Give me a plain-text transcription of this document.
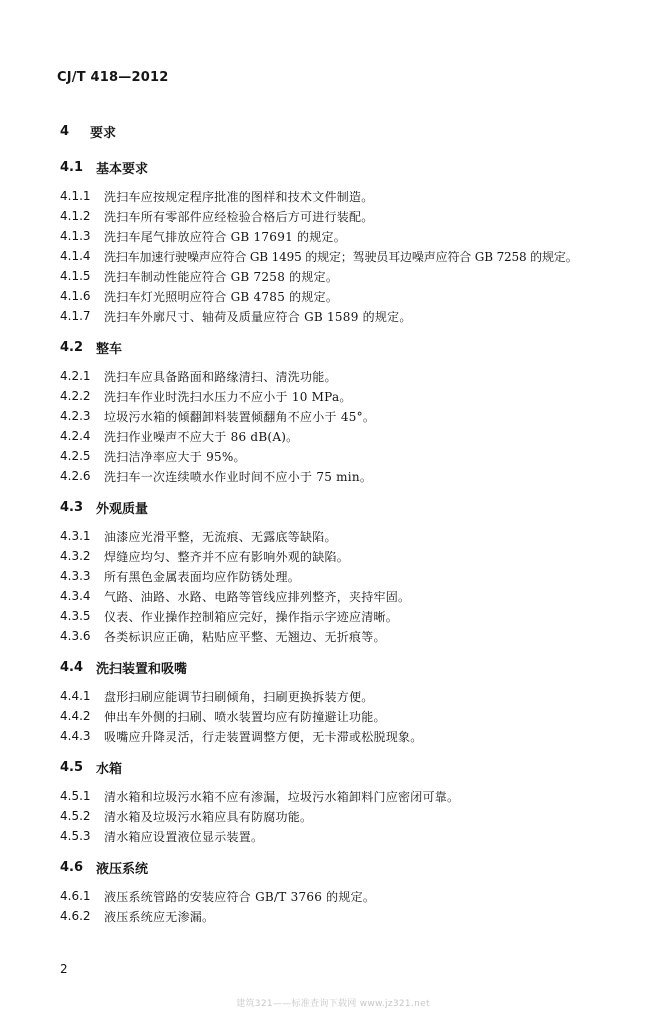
CJ/T 418—2012
4	要求
4.1 基本要求
4.1.1	洗扫车应按规定程序批准的图样和技术文件制造。
4.1.2	洗扫车所有零部件应经检验合格后方可进行装配。
4.1.3	洗扫车尾气排放应符合 GB 17691 的规定。
4.1.4	洗扫车加速行驶噪声应符合 GB 1495 的规定；驾驶员耳边噪声应符合 GB 7258 的规定。
4.1.5	洗扫车制动性能应符合 GB 7258 的规定。
4.1.6	洗扫车灯光照明应符合 GB 4785 的规定。
4.1.7	洗扫车外廓尺寸、轴荷及质量应符合 GB 1589 的规定。
4.2 整车
4.2.1	洗扫车应具备路面和路缘清扫、清洗功能。
4.2.2	洗扫车作业时洗扫水压力不应小于 10 MPa。
4.2.3	垃圾污水箱的倾翻卸料装置倾翻角不应小于 45°。
4.2.4	洗扫作业噪声不应大于 86 dB(A)。
4.2.5	洗扫洁净率应大于 95%。
4.2.6	洗扫车一次连续喷水作业时间不应小于 75 min。
4.3 外观质量
4.3.1	油漆应光滑平整，无流痕、无露底等缺陷。
4.3.2	焊缝应均匀、整齐并不应有影响外观的缺陷。
4.3.3	所有黑色金属表面均应作防锈处理。
4.3.4	气路、油路、水路、电路等管线应排列整齐，夹持牢固。
4.3.5	仪表、作业操作控制箱应完好，操作指示字迹应清晰。
4.3.6	各类标识应正确，粘贴应平整、无翘边、无折痕等。
4.4 洗扫装置和吸嘴
4.4.1	盘形扫刷应能调节扫刷倾角，扫刷更换拆装方便。
4.4.2	伸出车外侧的扫刷、喷水装置均应有防撞避让功能。
4.4.3	吸嘴应升降灵活，行走装置调整方便，无卡滞或松脱现象。
4.5 水箱
4.5.1	清水箱和垃圾污水箱不应有渗漏，垃圾污水箱卸料门应密闭可靠。
4.5.2	清水箱及垃圾污水箱应具有防腐功能。
4.5.3	清水箱应设置液位显示装置。
4.6 液压系统
4.6.1	液压系统管路的安装应符合 GB/T 3766 的规定。
4.6.2	液压系统应无渗漏。
2
建筑321——标准查询下载网 www.jz321.net
